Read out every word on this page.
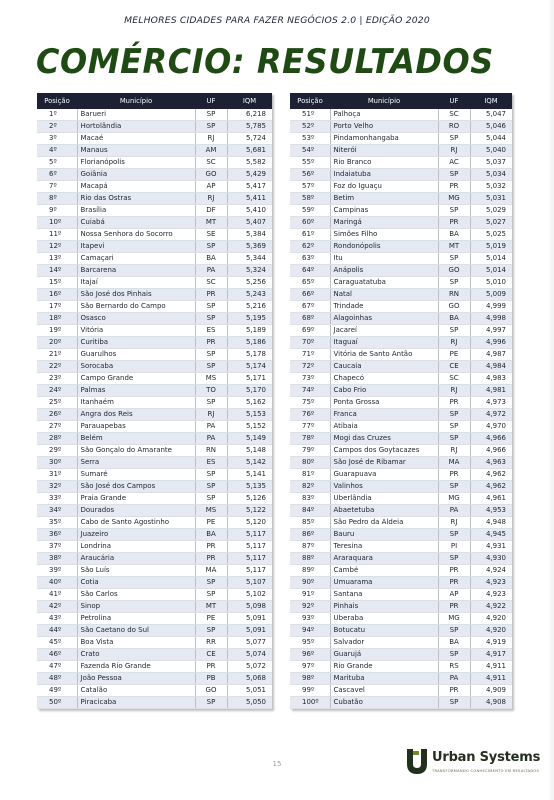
MELHORES CIDADES PARA FAZER NEGÓCIOS 2.0 | EDIÇÃO 2020
COMÉRCIO: RESULTADOS
Posição	Município	UF	IQM
1º	Barueri	SP	6,218
2º	Hortolândia	SP	5,785
3º	Macaé	RJ	5,724
4º	Manaus	AM	5,681
5º	Florianópolis	SC	5,582
6º	Goiânia	GO	5,429
7º	Macapá	AP	5,417
8º	Rio das Ostras	RJ	5,411
9º	Brasília	DF	5,410
10º	Cuiabá	MT	5,407
11º	Nossa Senhora do Socorro	SE	5,384
12º	Itapevi	SP	5,369
13º	Camaçari	BA	5,344
14º	Barcarena	PA	5,324
15º	Itajaí	SC	5,256
16º	São José dos Pinhais	PR	5,243
17º	São Bernardo do Campo	SP	5,216
18º	Osasco	SP	5,195
19º	Vitória	ES	5,189
20º	Curitiba	PR	5,186
21º	Guarulhos	SP	5,178
22º	Sorocaba	SP	5,174
23º	Campo Grande	MS	5,171
24º	Palmas	TO	5,170
25º	Itanhaém	SP	5,162
26º	Angra dos Reis	RJ	5,153
27º	Parauapebas	PA	5,152
28º	Belém	PA	5,149
29º	São Gonçalo do Amarante	RN	5,148
30º	Serra	ES	5,142
31º	Sumaré	SP	5,141
32º	São José dos Campos	SP	5,135
33º	Praia Grande	SP	5,126
34º	Dourados	MS	5,122
35º	Cabo de Santo Agostinho	PE	5,120
36º	Juazeiro	BA	5,117
37º	Londrina	PR	5,117
38º	Araucária	PR	5,117
39º	São Luís	MA	5,117
40º	Cotia	SP	5,107
41º	São Carlos	SP	5,102
42º	Sinop	MT	5,098
43º	Petrolina	PE	5,091
44º	São Caetano do Sul	SP	5,091
45º	Boa Vista	RR	5,077
46º	Crato	CE	5,074
47º	Fazenda Rio Grande	PR	5,072
48º	João Pessoa	PB	5,068
49º	Catalão	GO	5,051
50º	Piracicaba	SP	5,050
Posição	Município	UF	IQM
51º	Palhoça	SC	5,047
52º	Porto Velho	RO	5,046
53º	Pindamonhangaba	SP	5,044
54º	Niterói	RJ	5,040
55º	Rio Branco	AC	5,037
56º	Indaiatuba	SP	5,034
57º	Foz do Iguaçu	PR	5,032
58º	Betim	MG	5,031
59º	Campinas	SP	5,029
60º	Maringá	PR	5,027
61º	Simões Filho	BA	5,025
62º	Rondonópolis	MT	5,019
63º	Itu	SP	5,014
64º	Anápolis	GO	5,014
65º	Caraguatatuba	SP	5,010
66º	Natal	RN	5,009
67º	Trindade	GO	4,999
68º	Alagoinhas	BA	4,998
69º	Jacareí	SP	4,997
70º	Itaguaí	RJ	4,996
71º	Vitória de Santo Antão	PE	4,987
72º	Caucaia	CE	4,984
73º	Chapecó	SC	4,983
74º	Cabo Frio	RJ	4,981
75º	Ponta Grossa	PR	4,973
76º	Franca	SP	4,972
77º	Atibaia	SP	4,970
78º	Mogi das Cruzes	SP	4,966
79º	Campos dos Goytacazes	RJ	4,966
80º	São José de Ribamar	MA	4,963
81º	Guarapuava	PR	4,962
82º	Valinhos	SP	4,962
83º	Uberlândia	MG	4,961
84º	Abaetetuba	PA	4,953
85º	São Pedro da Aldeia	RJ	4,948
86º	Bauru	SP	4,945
87º	Teresina	PI	4,931
88º	Araraquara	SP	4,930
89º	Cambé	PR	4,924
90º	Umuarama	PR	4,923
91º	Santana	AP	4,923
92º	Pinhais	PR	4,922
93º	Uberaba	MG	4,920
94º	Botucatu	SP	4,920
95º	Salvador	BA	4,919
96º	Guarujá	SP	4,917
97º	Rio Grande	RS	4,911
98º	Marituba	PA	4,911
99º	Cascavel	PR	4,909
100º	Cubatão	SP	4,908
15	Urban Systems
TRANSFORMANDO CONHECIMENTO EM RESULTADOS
